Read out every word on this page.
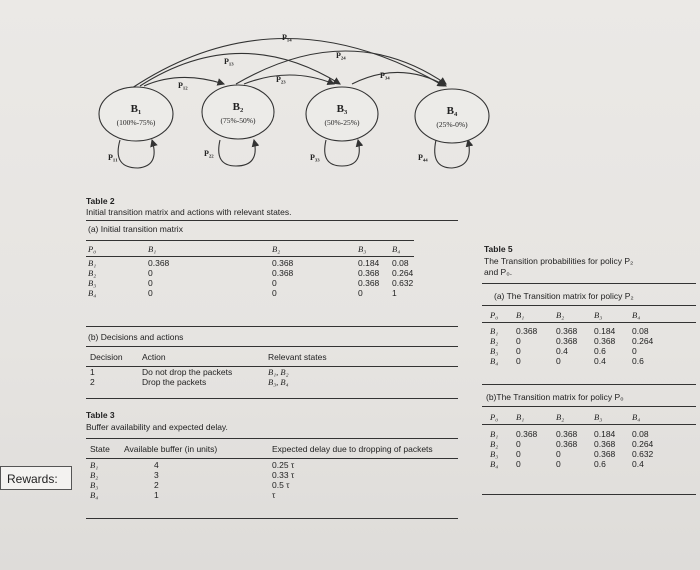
B₁	B₂	B₃	B₄
(100%-75%)	(75%-50%)	(50%-25%)	(25%-0%)
P₁₄
P₂₄
P₁₃
P₃₄
P₂₃
P₁₂
P₁₁	P₂₂	P₃₃	P₄₄
Table 2
Initial transition matrix and actions with relevant states.
(a) Initial transition matrix
P₀	B₁	B₂	B₃	B₄

B₁	0.368	0.368	0.184	0.08
B₂	0	0.368	0.368	0.264
B₃	0	0	0.368	0.632
B₄	0	0	0	1
(b) Decisions and actions
Decision	Action	Relevant states

1	Do not drop the packets	B₁, B₂
2	Drop the packets	B₃, B₄
Table 3
Buffer availability and expected delay.
State	Available buffer (in units)	Expected delay due to dropping of packets

B₁	4	0.25 τ
B₂	3	0.33 τ
B₃	2	0.5 τ
B₄	1	τ
Table 5
The Transition probabilities for policy P₂
and P₀.
(a) The Transition matrix for policy P₂
P₀	B₁	B₂	B₃	B₄

B₁	0.368	0.368	0.184	0.08
B₂	0	0.368	0.368	0.264
B₃	0	0.4	0.6	0
B₄	0	0	0.4	0.6
(b)The Transition matrix for policy P₀
P₀	B₁	B₂	B₃	B₄

B₁	0.368	0.368	0.184	0.08
B₂	0	0.368	0.368	0.264
B₃	0	0	0.368	0.632
B₄	0	0	0.6	0.4
Rewards:
